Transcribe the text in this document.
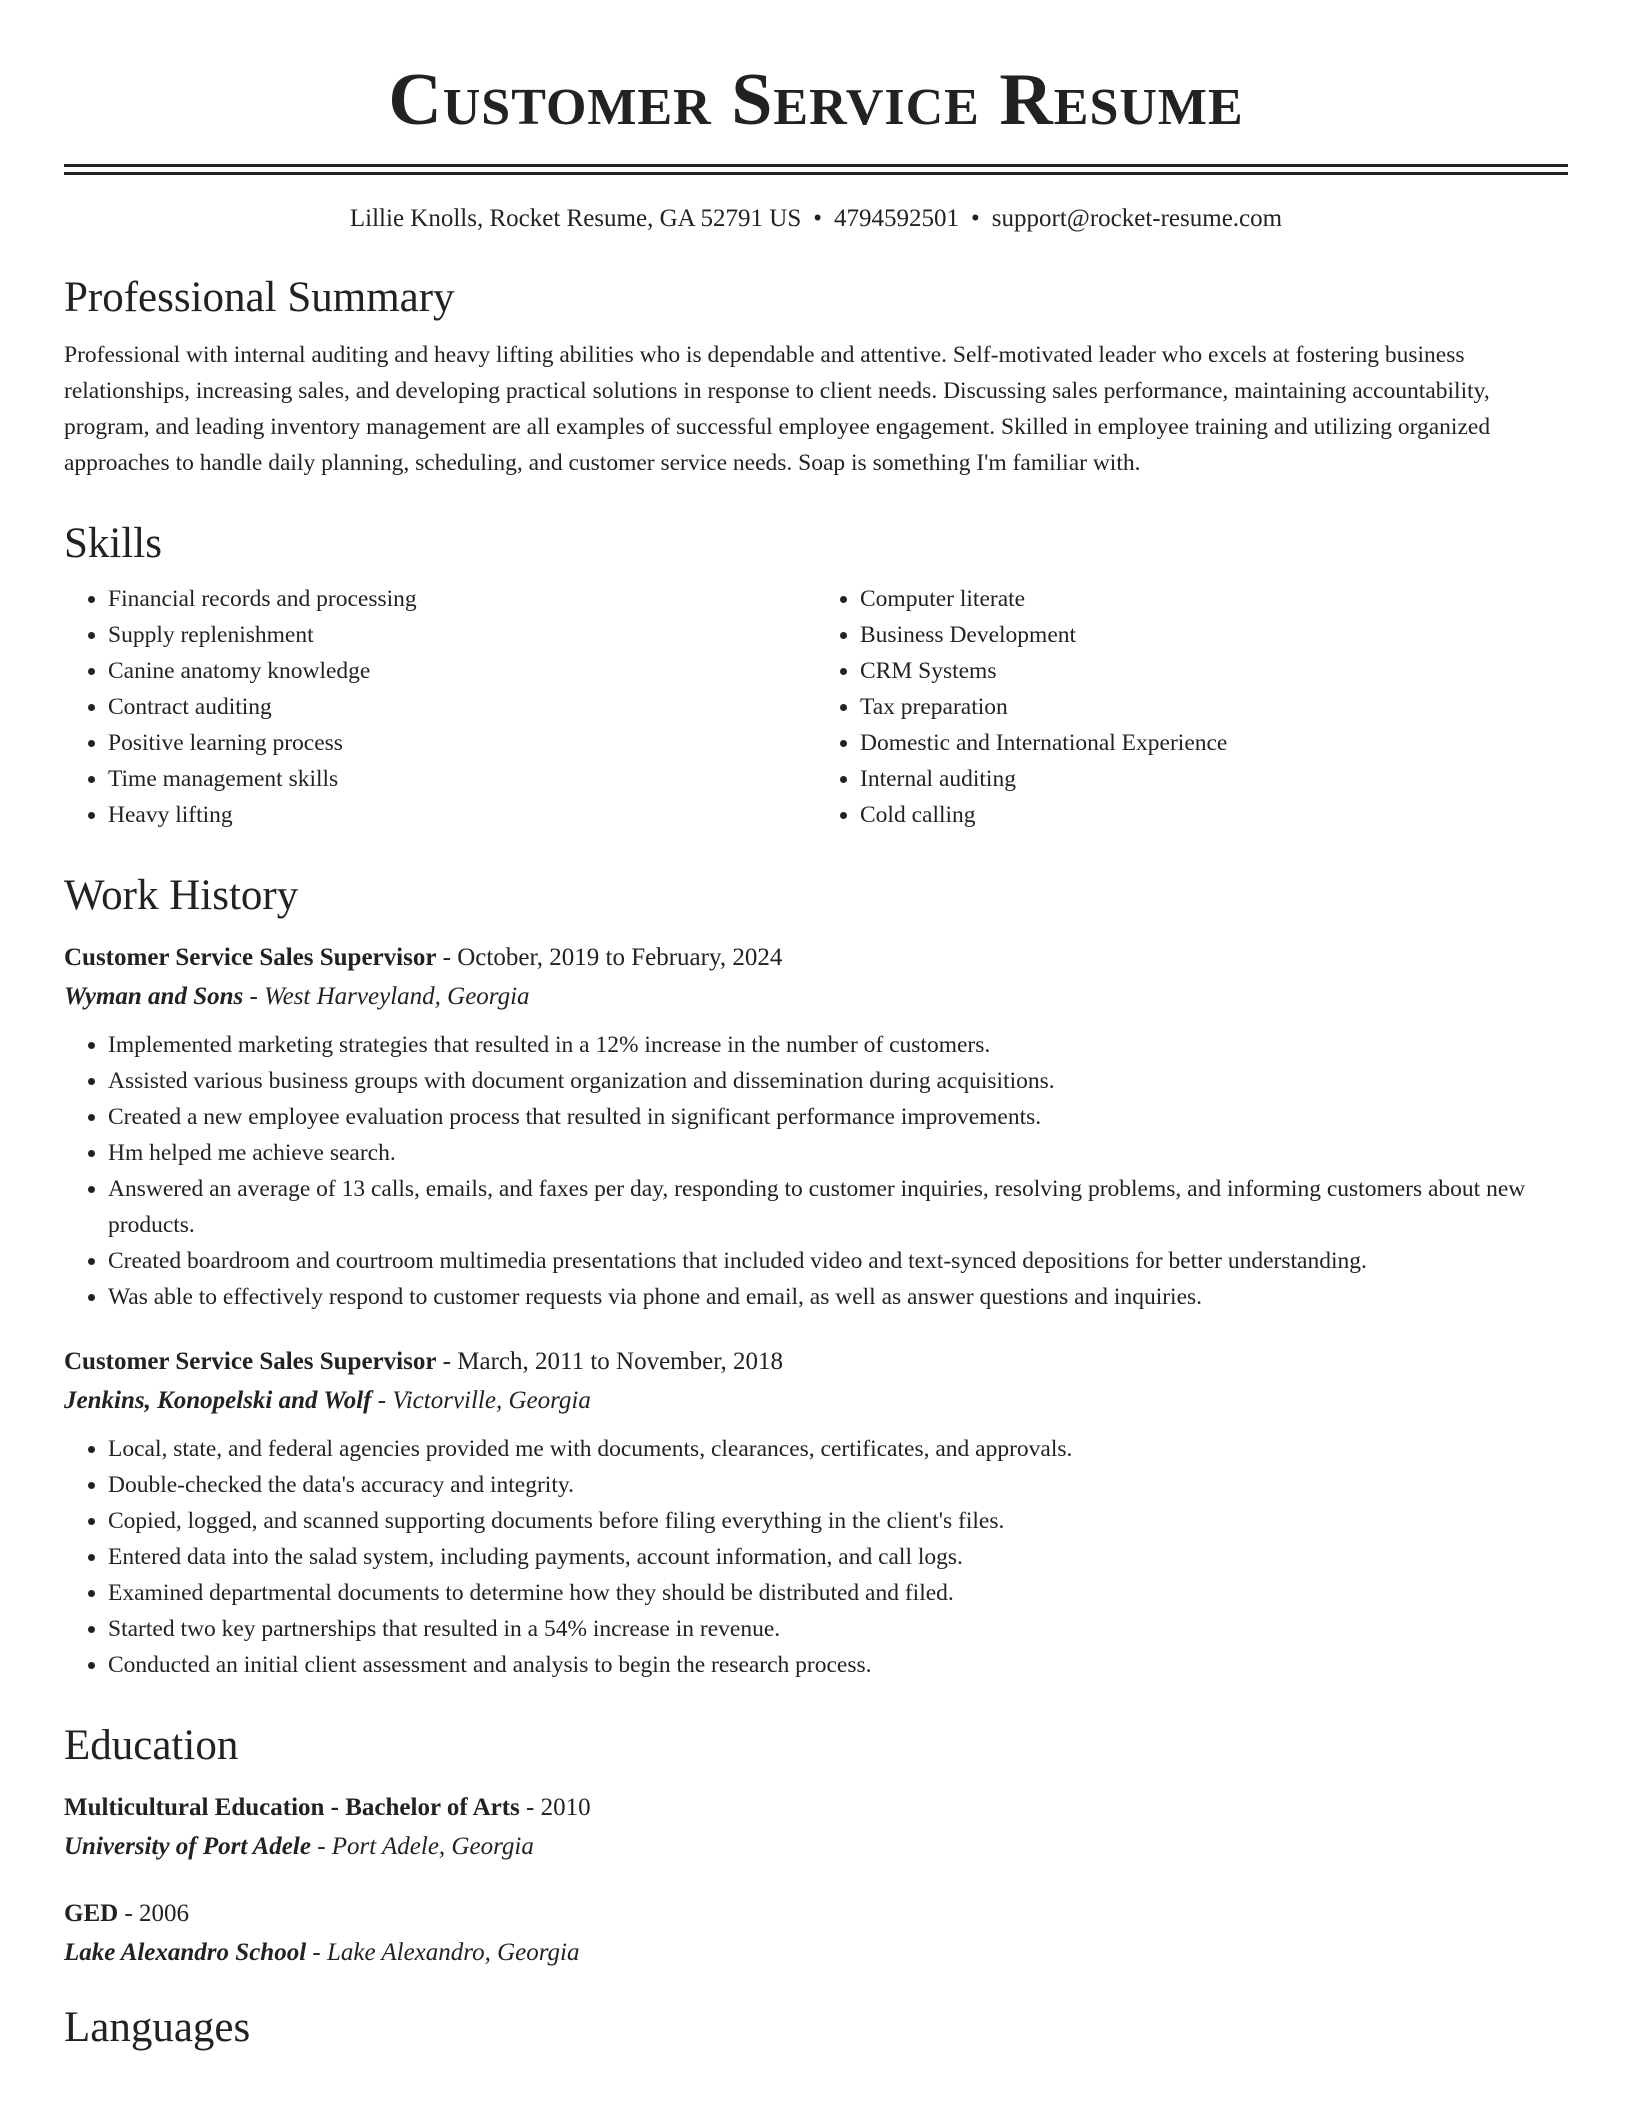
Customer Service Resume
Lillie Knolls, Rocket Resume, GA 52791 US • 4794592501 • support@rocket-resume.com
Professional Summary

Professional with internal auditing and heavy lifting abilities who is dependable and attentive. Self-motivated leader who excels at fostering business relationships, increasing sales, and developing practical solutions in response to client needs. Discussing sales performance, maintaining accountability, program, and leading inventory management are all examples of successful employee engagement. Skilled in employee training and utilizing organized approaches to handle daily planning, scheduling, and customer service needs. Soap is something I'm familiar with.

Skills
• Financial records and processing
• Supply replenishment
• Canine anatomy knowledge
• Contract auditing
• Positive learning process
• Time management skills
• Heavy lifting
• Computer literate
• Business Development
• CRM Systems
• Tax preparation
• Domestic and International Experience
• Internal auditing
• Cold calling
Work History
Customer Service Sales Supervisor - October, 2019 to February, 2024
Wyman and Sons - West Harveyland, Georgia
• Implemented marketing strategies that resulted in a 12% increase in the number of customers.
• Assisted various business groups with document organization and dissemination during acquisitions.
• Created a new employee evaluation process that resulted in significant performance improvements.
• Hm helped me achieve search.
• Answered an average of 13 calls, emails, and faxes per day, responding to customer inquiries, resolving problems, and informing customers about new products.
• Created boardroom and courtroom multimedia presentations that included video and text-synced depositions for better understanding.
• Was able to effectively respond to customer requests via phone and email, as well as answer questions and inquiries.
Customer Service Sales Supervisor - March, 2011 to November, 2018
Jenkins, Konopelski and Wolf - Victorville, Georgia
• Local, state, and federal agencies provided me with documents, clearances, certificates, and approvals.
• Double-checked the data's accuracy and integrity.
• Copied, logged, and scanned supporting documents before filing everything in the client's files.
• Entered data into the salad system, including payments, account information, and call logs.
• Examined departmental documents to determine how they should be distributed and filed.
• Started two key partnerships that resulted in a 54% increase in revenue.
• Conducted an initial client assessment and analysis to begin the research process.
Education
Multicultural Education - Bachelor of Arts - 2010
University of Port Adele - Port Adele, Georgia
GED - 2006
Lake Alexandro School - Lake Alexandro, Georgia
Languages
